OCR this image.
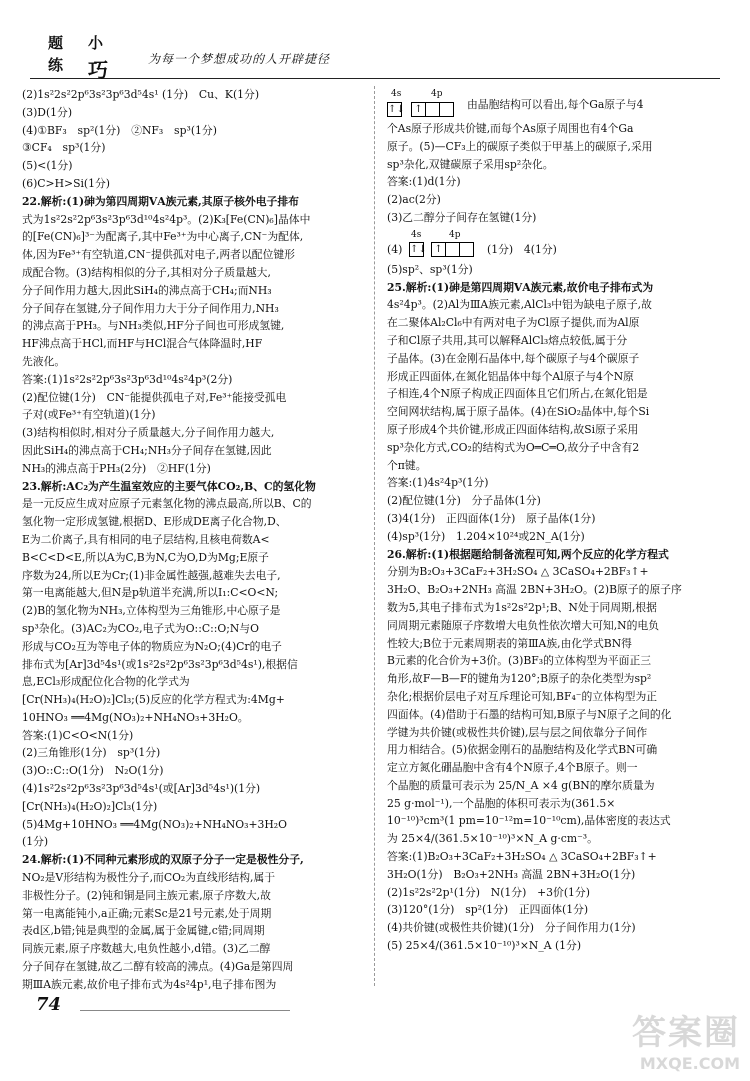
题 小
练 巧	为每一个梦想成功的人开辟捷径
(2)1s²2s²2p⁶3s²3p⁶3d⁵4s¹ (1分)　Cu、K(1分)
(3)D(1分)
(4)①BF₃　sp²(1分)　②NF₃　sp³(1分)
③CF₄　sp³(1分)
(5)<(1分)
(6)C>H>Si(1分)
22.解析:(1)砷为第四周期ⅤA族元素,其原子核外电子排布
式为1s²2s²2p⁶3s²3p⁶3d¹⁰4s²4p³。(2)K₃[Fe(CN)₆]晶体中
的[Fe(CN)₆]³⁻为配离子,其中Fe³⁺为中心离子,CN⁻为配体,
体,因为Fe³⁺有空轨道,CN⁻提供孤对电子,两者以配位键形
成配合物。(3)结构相似的分子,其相对分子质量越大,
分子间作用力越大,因此SiH₄的沸点高于CH₄;而NH₃
分子间存在氢键,分子间作用力大于分子间作用力,NH₃
的沸点高于PH₃。与NH₃类似,HF分子间也可形成氢键,
HF沸点高于HCl,而HF与HCl混合气体降温时,HF
先液化。
答案:(1)1s²2s²2p⁶3s²3p⁶3d¹⁰4s²4p³(2分)
(2)配位键(1分)　CN⁻能提供孤电子对,Fe³⁺能接受孤电
子对(或Fe³⁺有空轨道)(1分)
(3)结构相似时,相对分子质量越大,分子间作用力越大,
因此SiH₄的沸点高于CH₄;NH₃分子间存在氢键,因此
NH₃的沸点高于PH₃(2分)　②HF(1分)
23.解析:AC₂为产生温室效应的主要气体CO₂,B、C的氢化物
是一元反应生成对应原子元素氢化物的沸点最高,所以B、C的
氢化物一定形成氢键,根据D、E形成DE离子化合物,D、
E为二价离子,具有相同的电子层结构,且核电荷数A<
B<C<D<E,所以A为C,B为N,C为O,D为Mg;E原子
序数为24,所以E为Cr;(1)非金属性越强,越难失去电子,
第一电离能越大,但N是p轨道半充满,所以I₁:C<O<N;
(2)B的氢化物为NH₃,立体构型为三角锥形,中心原子是
sp³杂化。(3)AC₂为CO₂,电子式为O::C::O;N与O
形成与CO₂互为等电子体的物质应为N₂O;(4)Cr的电子
排布式为[Ar]3d⁵4s¹(或1s²2s²2p⁶3s²3p⁶3d⁵4s¹),根据信
息,ECl₃形成配位化合物的化学式为
[Cr(NH₃)₄(H₂O)₂]Cl₃;(5)反应的化学方程式为:4Mg+
10HNO₃ ══4Mg(NO₃)₂+NH₄NO₃+3H₂O。
答案:(1)C<O<N(1分)
(2)三角锥形(1分)　sp³(1分)
(3)O::C::O(1分)　N₂O(1分)
(4)1s²2s²2p⁶3s²3p⁶3d⁵4s¹(或[Ar]3d⁵4s¹)(1分)
[Cr(NH₃)₄(H₂O)₂]Cl₃(1分)
(5)4Mg+10HNO₃ ══4Mg(NO₃)₂+NH₄NO₃+3H₂O
(1分)
24.解析:(1)不同种元素形成的双原子分子一定是极性分子,
NO₂是V形结构为极性分子,而CO₂为直线形结构,属于
非极性分子。(2)钝和铜是同主族元素,原子序数大,故
第一电离能钝小,a正确;元素Sc是21号元素,处于周期
表d区,b错;钝是典型的金属,属于金属键,c错;同周期
同族元素,原子序数越大,电负性越小,d错。(3)乙二醇
分子间存在氢键,故乙二醇有较高的沸点。(4)Ga是第四周
期ⅢA族元素,故价电子排布式为4s²4p¹,电子排布图为
4s	4p
↑↓ ↑	由晶胞结构可以看出,每个Ga原子与4
个As原子形成共价键,而每个As原子周围也有4个Ga
原子。(5)—CF₃上的碳原子类似于甲基上的碳原子,采用
sp³杂化,双键碳原子采用sp²杂化。
答案:(1)d(1分)
(2)ac(2分)
(3)乙二醇分子间存在氢键(1分)
(4)
4s	4p
↑↓ ↑	(1分)　4(1分)
(5)sp²、sp³(1分)
25.解析:(1)砷是第四周期ⅤA族元素,故价电子排布式为
4s²4p³。(2)Al为ⅢA族元素,AlCl₃中铝为缺电子原子,故
在二聚体Al₂Cl₆中有两对电子为Cl原子提供,而为Al原
子和Cl原子共用,其可以解释AlCl₃熔点较低,属于分
子晶体。(3)在金刚石晶体中,每个碳原子与4个碳原子
形成正四面体,在氮化铝晶体中每个Al原子与4个N原
子相连,4个N原子构成正四面体且它们所占,在氮化铝是
空间网状结构,属于原子晶体。(4)在SiO₂晶体中,每个Si
原子形成4个共价键,形成正四面体结构,故Si原子采用
sp³杂化方式,CO₂的结构式为O═C═O,故分子中含有2
个π键。
答案:(1)4s²4p³(1分)
(2)配位键(1分)　分子晶体(1分)
(3)4(1分)　正四面体(1分)　原子晶体(1分)
(4)sp³(1分)　1.204×10²⁴或2N_A(1分)
26.解析:(1)根据题给制备流程可知,两个反应的化学方程式
分别为B₂O₃+3CaF₂+3H₂SO₄ △ 3CaSO₄+2BF₃↑+
3H₂O、B₂O₃+2NH₃ 高温 2BN+3H₂O。(2)B原子的原子序
数为5,其电子排布式为1s²2s²2p¹;B、N处于同周期,根据
同周期元素随原子序数增大电负性依次增大可知,N的电负
性较大;B位于元素周期表的第ⅢA族,由化学式BN得
B元素的化合价为+3价。(3)BF₃的立体构型为平面正三
角形,故F—B—F的键角为120°;B原子的杂化类型为sp²
杂化;根据价层电子对互斥理论可知,BF₄⁻的立体构型为正
四面体。(4)借助于石墨的结构可知,B原子与N原子之间的化
学键为共价键(或极性共价键),层与层之间依靠分子间作
用力相结合。(5)依据金刚石的晶胞结构及化学式BN可确
定立方氮化硼晶胞中含有4个N原子,4个B原子。则一
个晶胞的质量可表示为 25/N_A ×4 g(BN的摩尔质量为
25 g·mol⁻¹),一个晶胞的体积可表示为(361.5×
10⁻¹⁰)³cm³(1 pm=10⁻¹²m=10⁻¹⁰cm),晶体密度的表达式
为 25×4/(361.5×10⁻¹⁰)³×N_A g·cm⁻³。
答案:(1)B₂O₃+3CaF₂+3H₂SO₄ △ 3CaSO₄+2BF₃↑+
3H₂O(1分)　B₂O₃+2NH₃ 高温 2BN+3H₂O(1分)
(2)1s²2s²2p¹(1分)　N(1分)　+3价(1分)
(3)120°(1分)　sp²(1分)　正四面体(1分)
(4)共价键(或极性共价键)(1分)　分子间作用力(1分)
(5) 25×4/(361.5×10⁻¹⁰)³×N_A (1分)
74
答案圈
MXQE.COM
